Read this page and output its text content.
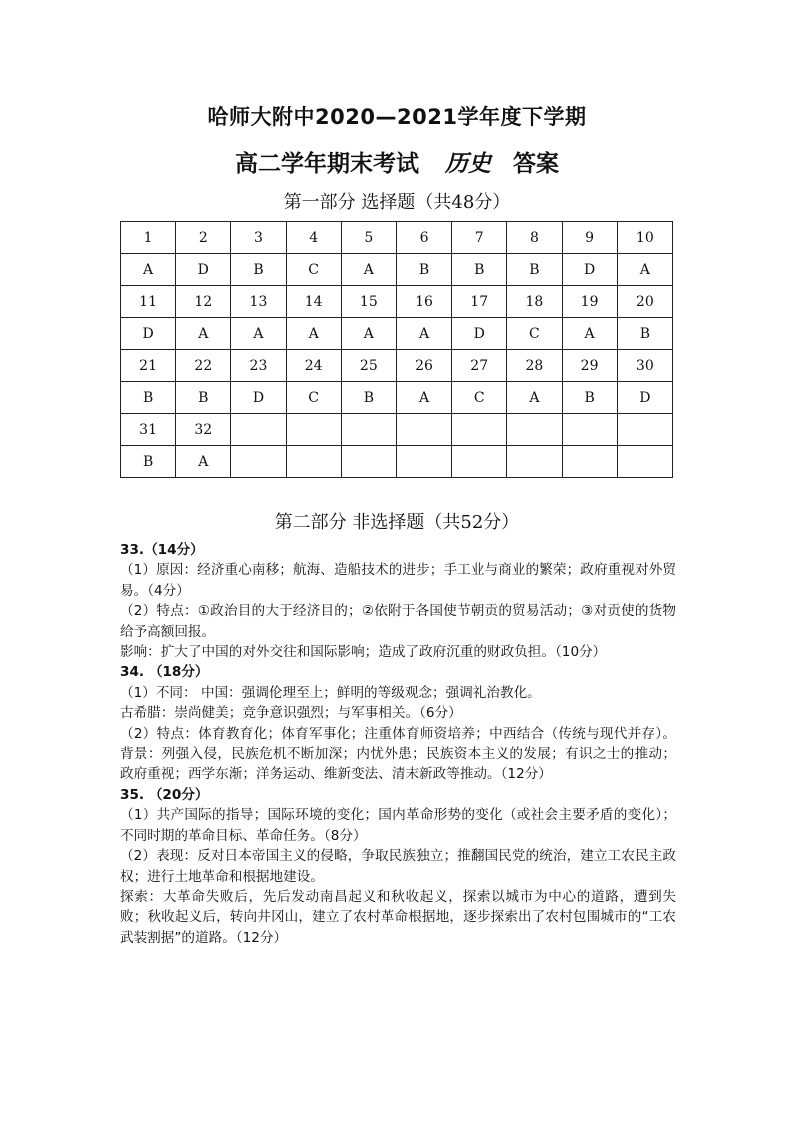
哈师大附中2020—2021学年度下学期
高二学年期末考试 历史 答案
第一部分 选择题（共48分）
1	2	3	4	5	6	7	8	9	10
A	D	B	C	A	B	B	B	D	A
11	12	13	14	15	16	17	18	19	20
D	A	A	A	A	A	D	C	A	B
21	22	23	24	25	26	27	28	29	30
B	B	D	C	B	A	C	A	B	D
31	32								
B	A								
第二部分 非选择题（共52分）

33.（14分）

（1）原因：经济重心南移；航海、造船技术的进步；手工业与商业的繁荣；政府重视对外贸易。（4分）

（2）特点：①政治目的大于经济目的；②依附于各国使节朝贡的贸易活动；③对贡使的货物给予高额回报。

影响：扩大了中国的对外交往和国际影响；造成了政府沉重的财政负担。（10分）

34. （18分）

（1）不同： 中国：强调伦理至上；鲜明的等级观念；强调礼治教化。

古希腊：崇尚健美；竞争意识强烈；与军事相关。（6分）

（2）特点：体育教育化；体育军事化；注重体育师资培养；中西结合（传统与现代并存）。 背景：列强入侵，民族危机不断加深；内忧外患；民族资本主义的发展；有识之士的推动；政府重视；西学东渐；洋务运动、维新变法、清末新政等推动。（12分）

35. （20分）

（1）共产国际的指导；国际环境的变化；国内革命形势的变化（或社会主要矛盾的变化）；不同时期的革命目标、革命任务。（8分）

（2）表现：反对日本帝国主义的侵略，争取民族独立；推翻国民党的统治，建立工农民主政权；进行土地革命和根据地建设。

探索：大革命失败后，先后发动南昌起义和秋收起义，探索以城市为中心的道路，遭到失败；秋收起义后，转向井冈山，建立了农村革命根据地，逐步探索出了农村包围城市的“工农武装割据”的道路。（12分）
